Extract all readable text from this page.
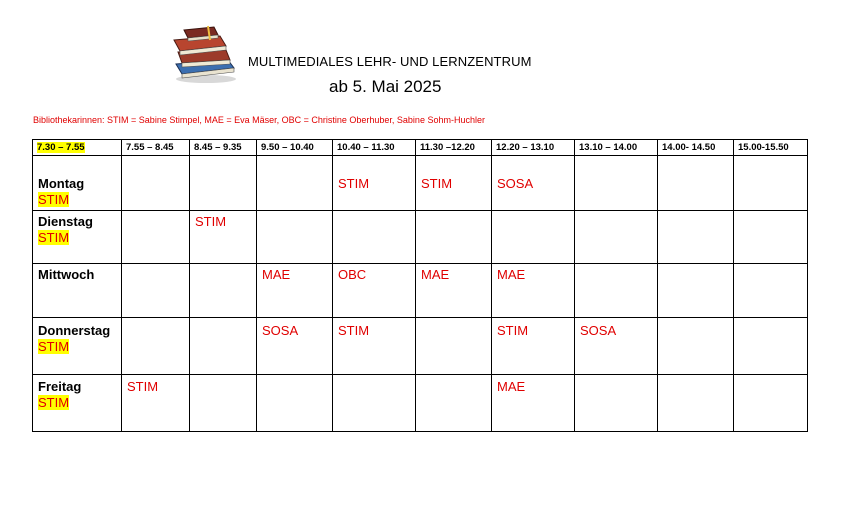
MULTIMEDIALES LEHR- UND LERNZENTRUM
ab 5. Mai 2025
Bibliothekarinnen: STIM = Sabine Stimpel, MAE = Eva Mäser, OBC = Christine Oberhuber, Sabine Sohm-Huchler
7.30 – 7.55	7.55 – 8.45	8.45 – 9.35	9.50 – 10.40	10.40 – 11.30	11.30 –12.20	12.20 – 13.10	13.10 – 14.00	14.00- 14.50	15.00-15.50

Montag
STIM				STIM	STIM	SOSA			

Dienstag
STIM		STIM							

Mittwoch			MAE	OBC	MAE	MAE			

Donnerstag
STIM			SOSA	STIM		STIM	SOSA		

Freitag
STIM	STIM					MAE			
